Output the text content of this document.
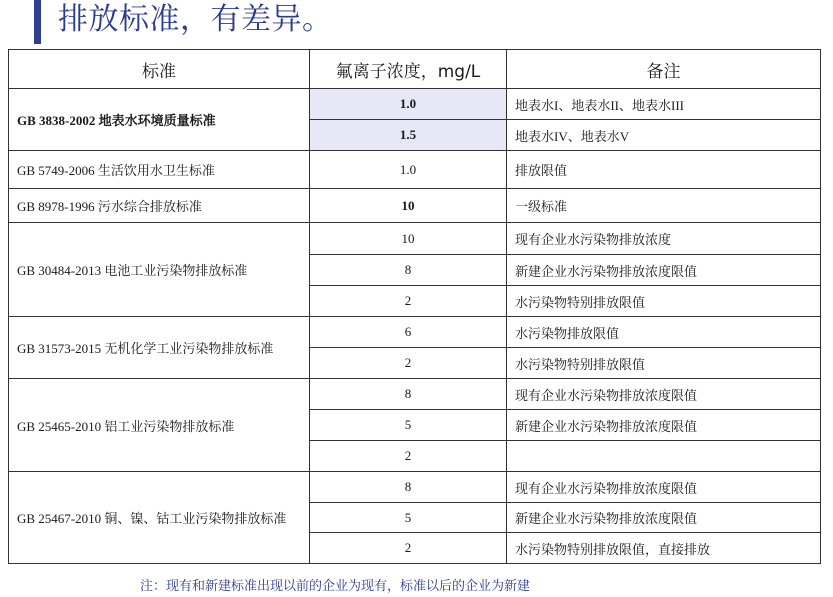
排放标准，有差异。
标准	氟离子浓度，mg/L	备注
GB 3838-2002 地表水环境质量标准	1.0	地表水I、地表水II、地表水III
	1.5	地表水IV、地表水V
GB 5749-2006 生活饮用水卫生标准	1.0	排放限值
GB 8978-1996 污水综合排放标准	10	一级标准
GB 30484-2013 电池工业污染物排放标准	10	现有企业水污染物排放浓度
	8	新建企业水污染物排放浓度限值
	2	水污染物特别排放限值
GB 31573-2015 无机化学工业污染物排放标准	6	水污染物排放限值
	2	水污染物特别排放限值
GB 25465-2010 铝工业污染物排放标准	8	现有企业水污染物排放浓度限值
	5	新建企业水污染物排放浓度限值
	2	
GB 25467-2010 铜、镍、钴工业污染物排放标准	8	现有企业水污染物排放浓度限值
	5	新建企业水污染物排放浓度限值
	2	水污染物特别排放限值，直接排放
注：现有和新建标准出现以前的企业为现有，标准以后的企业为新建
